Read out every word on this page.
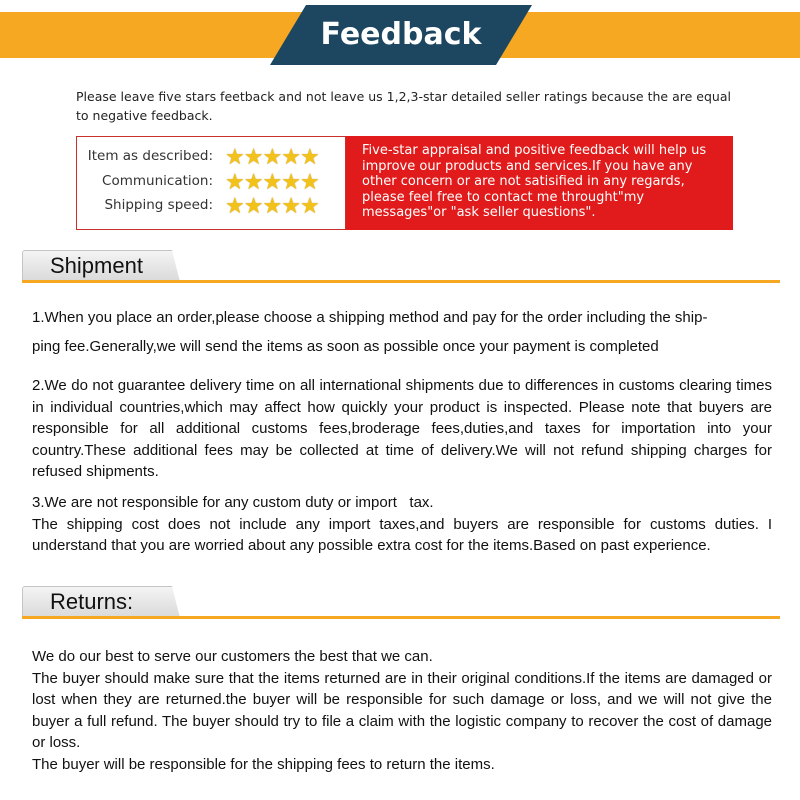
Feedback
Please leave five stars feetback and not leave us 1,2,3-star detailed seller ratings because the are equal to negative feedback.
Item as described: ★★★★★
Communication: ★★★★★
Shipping speed: ★★★★★
Five-star appraisal and positive feedback will help us improve our products and services.If you have any other concern or are not satisified in any regards, please feel free to contact me throught"my messages"or "ask seller questions".
Shipment

1.When you place an order,please choose a shipping method and pay for the order including the ship-

ping fee.Generally,we will send the items as soon as possible once your payment is completed

2.We do not guarantee delivery time on all international shipments due to differences in customs clearing times in individual countries,which may affect how quickly your product is inspected. Please note that buyers are responsible for all additional customs fees,broderage fees,duties,and taxes for importation into your country.These additional fees may be collected at time of delivery.We will not refund shipping charges for refused shipments.

3.We are not responsible for any custom duty or import   tax.

The shipping cost does not include any import taxes,and buyers are responsible for customs duties. I understand that you are worried about any possible extra cost for the items.Based on past experience.

Returns:

We do our best to serve our customers the best that we can.

The buyer should make sure that the items returned are in their original conditions.If the items are damaged or lost when they are returned.the buyer will be responsible for such damage or loss, and we will not give the buyer a full refund. The buyer should try to file a claim with the logistic company to recover the cost of damage or loss.

The buyer will be responsible for the shipping fees to return the items.
